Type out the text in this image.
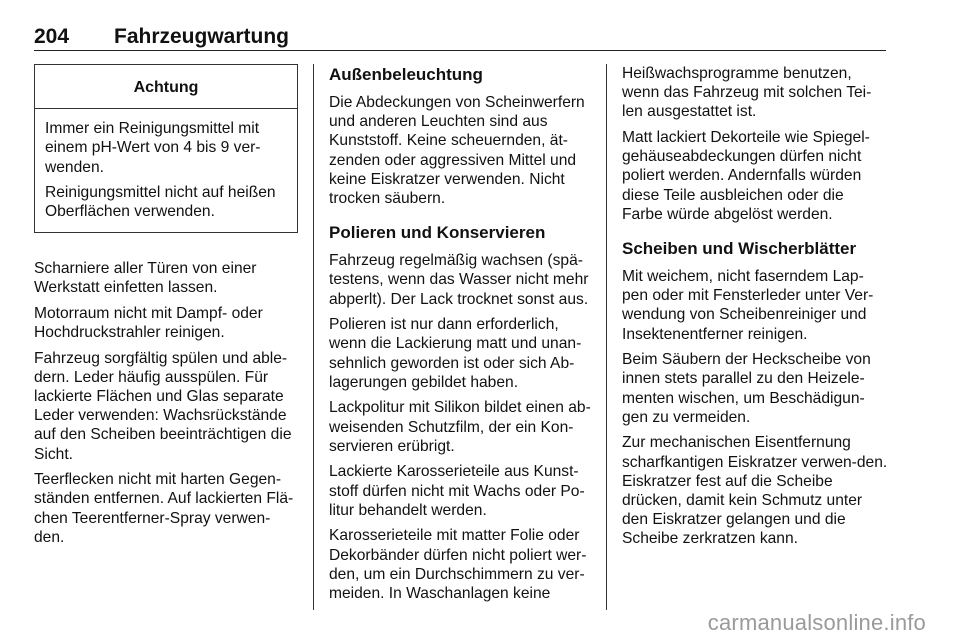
204 Fahrzeugwartung
Achtung

Immer ein Reinigungsmittel mit einem pH-Wert von 4 bis 9 ver-wenden.

Reinigungsmittel nicht auf heißen Oberflächen verwenden.

Scharniere aller Türen von einer Werkstatt einfetten lassen.

Motorraum nicht mit Dampf- oder Hochdruckstrahler reinigen.

Fahrzeug sorgfältig spülen und able-dern. Leder häufig ausspülen. Für lackierte Flächen und Glas separate Leder verwenden: Wachsrückstände auf den Scheiben beeinträchtigen die Sicht.

Teerflecken nicht mit harten Gegen-ständen entfernen. Auf lackierten Flä-chen Teerentferner-Spray verwen-den.

Außenbeleuchtung

Die Abdeckungen von Scheinwerfern und anderen Leuchten sind aus Kunststoff. Keine scheuernden, ät-zenden oder aggressiven Mittel und keine Eiskratzer verwenden. Nicht trocken säubern.

Polieren und Konservieren

Fahrzeug regelmäßig wachsen (spä-testens, wenn das Wasser nicht mehr abperlt). Der Lack trocknet sonst aus.

Polieren ist nur dann erforderlich, wenn die Lackierung matt und unan-sehnlich geworden ist oder sich Ab-lagerungen gebildet haben.

Lackpolitur mit Silikon bildet einen ab-weisenden Schutzfilm, der ein Kon-servieren erübrigt.

Lackierte Karosserieteile aus Kunst-stoff dürfen nicht mit Wachs oder Po-litur behandelt werden.

Karosserieteile mit matter Folie oder Dekorbänder dürfen nicht poliert wer-den, um ein Durchschimmern zu ver-meiden. In Waschanlagen keine

Heißwachsprogramme benutzen, wenn das Fahrzeug mit solchen Tei-len ausgestattet ist.

Matt lackiert Dekorteile wie Spiegel-gehäuseabdeckungen dürfen nicht poliert werden. Andernfalls würden diese Teile ausbleichen oder die Farbe würde abgelöst werden.

Scheiben und Wischerblätter

Mit weichem, nicht faserndem Lap-pen oder mit Fensterleder unter Ver-wendung von Scheibenreiniger und Insektenentferner reinigen.

Beim Säubern der Heckscheibe von innen stets parallel zu den Heizele-menten wischen, um Beschädigun-gen zu vermeiden.

Zur mechanischen Eisentfernung scharfkantigen Eiskratzer verwen-den. Eiskratzer fest auf die Scheibe drücken, damit kein Schmutz unter den Eiskratzer gelangen und die Scheibe zerkratzen kann.

carmanualsonline.info
